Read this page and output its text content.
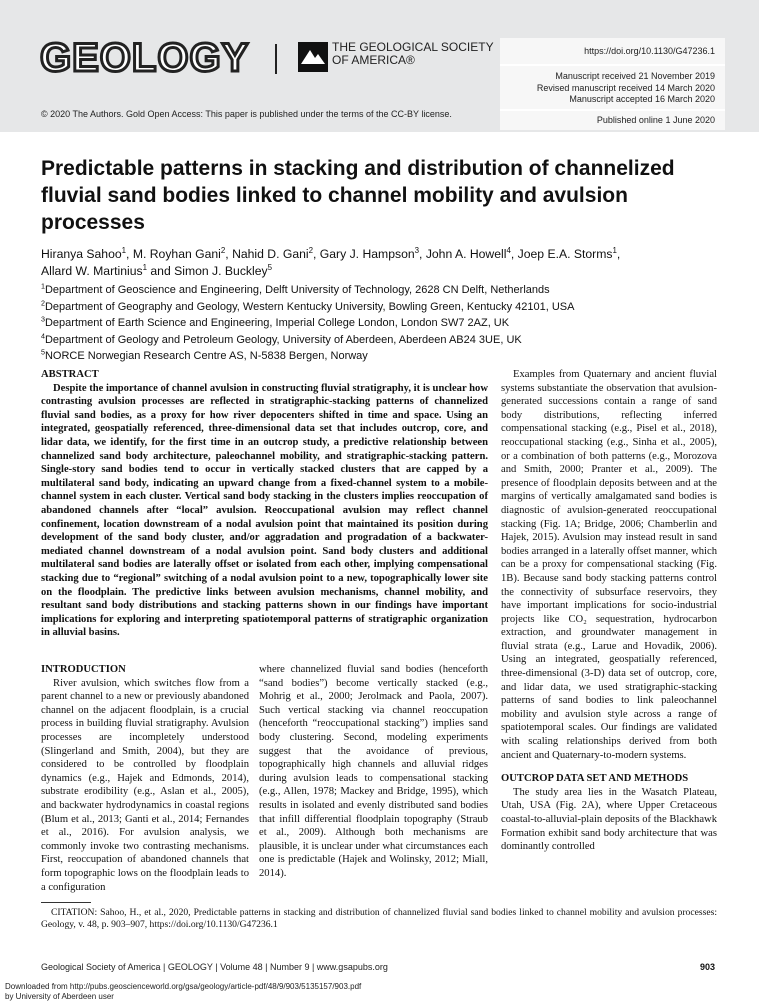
GEOLOGY	THE GEOLOGICAL SOCIETY
OF AMERICA®
© 2020 The Authors. Gold Open Access: This paper is published under the terms of the CC-BY license.
https://doi.org/10.1130/G47236.1
Manuscript received 21 November 2019
Revised manuscript received 14 March 2020
Manuscript accepted 16 March 2020
Published online 1 June 2020
Predictable patterns in stacking and distribution of channelized fluvial sand bodies linked to channel mobility and avulsion processes
Hiranya Sahoo$^1$, M. Royhan Gani$^2$, Nahid D. Gani$^2$, Gary J. Hampson$^3$, John A. Howell$^4$, Joep E.A. Storms$^1$,
Allard W. Martinius$^1$ and Simon J. Buckley$^5$
$^1$Department of Geoscience and Engineering, Delft University of Technology, 2628 CN Delft, Netherlands
$^2$Department of Geography and Geology, Western Kentucky University, Bowling Green, Kentucky 42101, USA
$^3$Department of Earth Science and Engineering, Imperial College London, London SW7 2AZ, UK
$^4$Department of Geology and Petroleum Geology, University of Aberdeen, Aberdeen AB24 3UE, UK
$^5$NORCE Norwegian Research Centre AS, N-5838 Bergen, Norway
ABSTRACT

Despite the importance of channel avulsion in constructing fluvial stratigraphy, it is unclear how contrasting avulsion processes are reflected in stratigraphic-stacking patterns of channelized fluvial sand bodies, as a proxy for how river depocenters shifted in time and space. Using an integrated, geospatially referenced, three-dimensional data set that includes outcrop, core, and lidar data, we identify, for the first time in an outcrop study, a predictive relationship between channelized sand body architecture, paleochannel mobility, and stratigraphic-stacking pattern. Single-story sand bodies tend to occur in vertically stacked clusters that are capped by a multilateral sand body, indicating an upward change from a fixed-channel system to a mobile-channel system in each cluster. Vertical sand body stacking in the clusters implies reoccupation of abandoned channels after “local” avulsion. Reoccupational avulsion may reflect channel confinement, location downstream of a nodal avulsion point that maintained its position during development of the sand body cluster, and/or aggradation and progradation of a backwater-mediated channel downstream of a nodal avulsion point. Sand body clusters and additional multilateral sand bodies are laterally offset or isolated from each other, implying compensational stacking due to “regional” switching of a nodal avulsion point to a new, topographically lower site on the floodplain. The predictive links between avulsion mechanisms, channel mobility, and resultant sand body distributions and stacking patterns shown in our findings have important implications for exploring and interpreting spatiotemporal patterns of stratigraphic organization in alluvial basins.

INTRODUCTION

River avulsion, which switches flow from a parent channel to a new or previously abandoned channel on the adjacent floodplain, is a crucial process in building fluvial stratigraphy. Avulsion processes are incompletely understood (Slingerland and Smith, 2004), but they are considered to be controlled by floodplain dynamics (e.g., Hajek and Edmonds, 2014), substrate erodibility (e.g., Aslan et al., 2005), and backwater hydrodynamics in coastal regions (Blum et al., 2013; Ganti et al., 2014; Fernandes et al., 2016). For avulsion analysis, we commonly invoke two contrasting mechanisms. First, reoccupation of abandoned channels that form topographic lows on the floodplain leads to a configuration

where channelized fluvial sand bodies (henceforth “sand bodies”) become vertically stacked (e.g., Mohrig et al., 2000; Jerolmack and Paola, 2007). Such vertical stacking via channel reoccupation (henceforth “reoccupational stacking”) implies sand body clustering. Second, modeling experiments suggest that the avoidance of previous, topographically high channels and alluvial ridges during avulsion leads to compensational stacking (e.g., Allen, 1978; Mackey and Bridge, 1995), which results in isolated and evenly distributed sand bodies that infill differential floodplain topography (Straub et al., 2009). Although both mechanisms are plausible, it is unclear under what circumstances each one is predictable (Hajek and Wolinsky, 2012; Miall, 2014).

Examples from Quaternary and ancient fluvial systems substantiate the observation that avulsion-generated successions contain a range of sand body distributions, reflecting inferred compensational stacking (e.g., Pisel et al., 2018), reoccupational stacking (e.g., Sinha et al., 2005), or a combination of both patterns (e.g., Morozova and Smith, 2000; Pranter et al., 2009). The presence of floodplain deposits between and at the margins of vertically amalgamated sand bodies is diagnostic of avulsion-generated reoccupational stacking (Fig. 1A; Bridge, 2006; Chamberlin and Hajek, 2015). Avulsion may instead result in sand bodies arranged in a laterally offset manner, which can be a proxy for compensational stacking (Fig. 1B). Because sand body stacking patterns control the connectivity of subsurface reservoirs, they have important implications for socio-industrial projects like CO₂ sequestration, hydrocarbon extraction, and groundwater management in fluvial strata (e.g., Larue and Hovadik, 2006). Using an integrated, geospatially referenced, three-dimensional (3-D) data set of outcrop, core, and lidar data, we used stratigraphic-stacking patterns of sand bodies to link paleochannel mobility and avulsion style across a range of spatiotemporal scales. Our findings are validated with scaling relationships derived from both ancient and Quaternary-to-modern systems.

OUTCROP DATA SET AND METHODS

The study area lies in the Wasatch Plateau, Utah, USA (Fig. 2A), where Upper Cretaceous coastal-to-alluvial-plain deposits of the Blackhawk Formation exhibit sand body architecture that was dominantly controlled

CITATION: Sahoo, H., et al., 2020, Predictable patterns in stacking and distribution of channelized fluvial sand bodies linked to channel mobility and avulsion processes: Geology, v. 48, p. 903–907, https://doi.org/10.1130/G47236.1
Geological Society of America | GEOLOGY | Volume 48 | Number 9 | www.gsapubs.org	903
Downloaded from http://pubs.geoscienceworld.org/gsa/geology/article-pdf/48/9/903/5135157/903.pdf
by University of Aberdeen user
